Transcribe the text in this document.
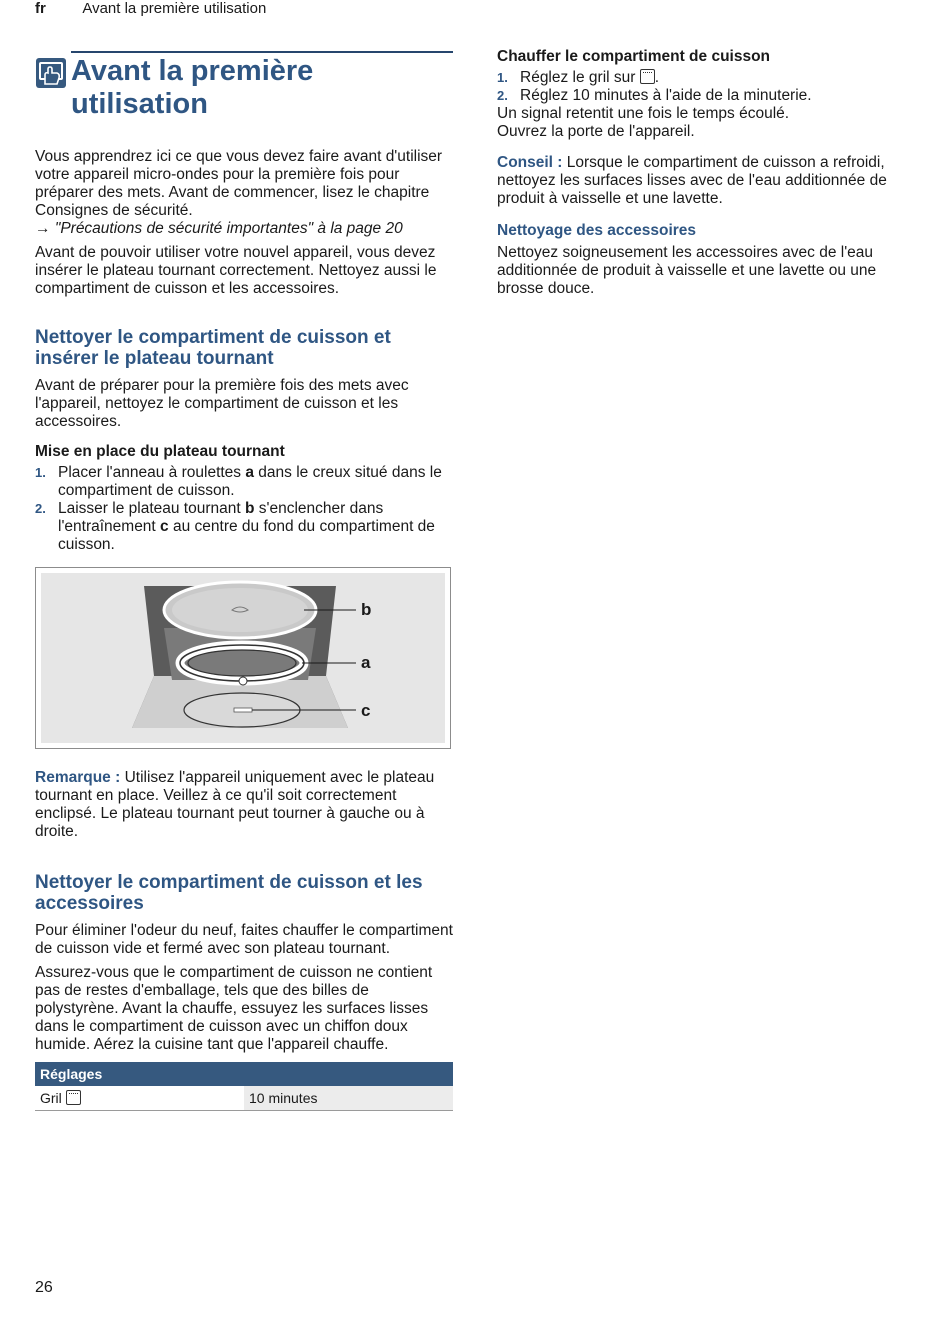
fr Avant la première utilisation
Avant la première
utilisation

Vous apprendrez ici ce que vous devez faire avant d'utiliser votre appareil micro-ondes pour la première fois pour préparer des mets. Avant de commencer, lisez le chapitre Consignes de sécurité.

→ "Précautions de sécurité importantes" à la page 20

Avant de pouvoir utiliser votre nouvel appareil, vous devez insérer le plateau tournant correctement. Nettoyez aussi le compartiment de cuisson et les accessoires.

Nettoyer le compartiment de cuisson et insérer le plateau tournant

Avant de préparer pour la première fois des mets avec l'appareil, nettoyez le compartiment de cuisson et les accessoires.

Mise en place du plateau tournant

1. Placer l'anneau à roulettes a dans le creux situé dans le compartiment de cuisson.
2. Laisser le plateau tournant b s'enclencher dans l'entraînement c au centre du fond du compartiment de cuisson.
b
a
c

Remarque : Utilisez l'appareil uniquement avec le plateau tournant en place. Veillez à ce qu'il soit correctement enclipsé. Le plateau tournant peut tourner à gauche ou à droite.

Nettoyer le compartiment de cuisson et les accessoires

Pour éliminer l'odeur du neuf, faites chauffer le compartiment de cuisson vide et fermé avec son plateau tournant.

Assurez-vous que le compartiment de cuisson ne contient pas de restes d'emballage, tels que des billes de polystyrène. Avant la chauffe, essuyez les surfaces lisses dans le compartiment de cuisson avec un chiffon doux humide. Aérez la cuisine tant que l'appareil chauffe.

Réglages
Gril	10 minutes

Chauffer le compartiment de cuisson

1. Réglez le gril sur .
2. Réglez 10 minutes à l'aide de la minuterie.

Un signal retentit une fois le temps écoulé.
Ouvrez la porte de l'appareil.

Conseil : Lorsque le compartiment de cuisson a refroidi, nettoyez les surfaces lisses avec de l'eau additionnée de produit à vaisselle et une lavette.

Nettoyage des accessoires

Nettoyez soigneusement les accessoires avec de l'eau additionnée de produit à vaisselle et une lavette ou une brosse douce.

26
